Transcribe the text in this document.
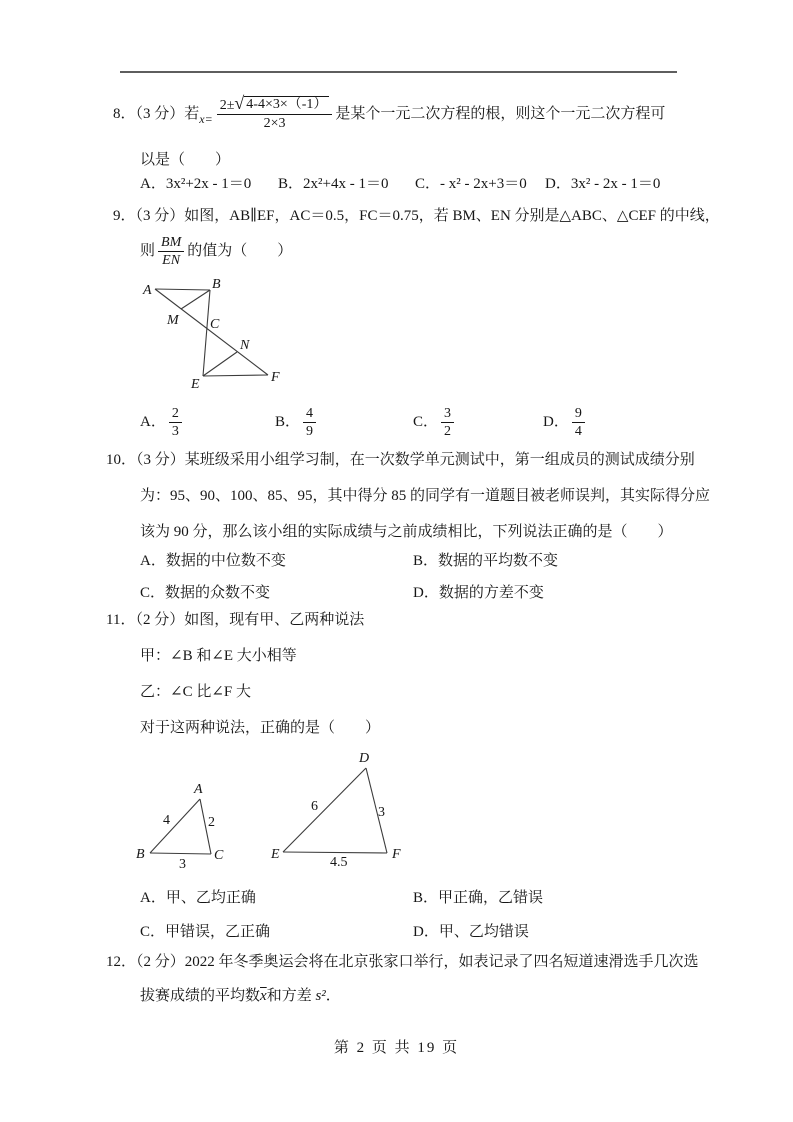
8．（3 分）若 $x= \frac{2\pm √ 4-4\times 3\times(-1)}{2\times 3}$ 是某个一元二次方程的根，则这个一元二次方程可
以是（　　）
A．3x²+2x - 1＝0 B．2x²+4x - 1＝0 C．- x² - 2x+3＝0 D．3x² - 2x - 1＝0
9．（3 分）如图，AB∥EF，AC＝0.5，FC＝0.75，若 BM、EN 分别是△ABC、△CEF 的中线，
则 $\frac{BM}{EN}$ 的值为（　　）
A	B
M C
N
E	F
A． $\frac{2}{3}$	B． $\frac{4}{9}$	C． $\frac{3}{2}$	D． $\frac{9}{4}$
10．（3 分）某班级采用小组学习制，在一次数学单元测试中，第一组成员的测试成绩分别
为：95、90、100、85、95，其中得分 85 的同学有一道题目被老师误判，其实际得分应
该为 90 分，那么该小组的实际成绩与之前成绩相比，下列说法正确的是（　　）
A．数据的中位数不变	B．数据的平均数不变
C．数据的众数不变	D．数据的方差不变
11．（2 分）如图，现有甲、乙两种说法
甲：∠B 和∠E 大小相等
乙：∠C 比∠F 大
对于这两种说法，正确的是（　　）
A
B	C
4	2
3
D
E	F
6	3
4.5
A．甲、乙均正确	B．甲正确，乙错误
C．甲错误，乙正确	D．甲、乙均错误
12．（2 分）2022 年冬季奥运会将在北京张家口举行，如表记录了四名短道速滑选手几次选
拔赛成绩的平均数$\overline{x}$和方差 s²．
第 2 页 共 19 页
